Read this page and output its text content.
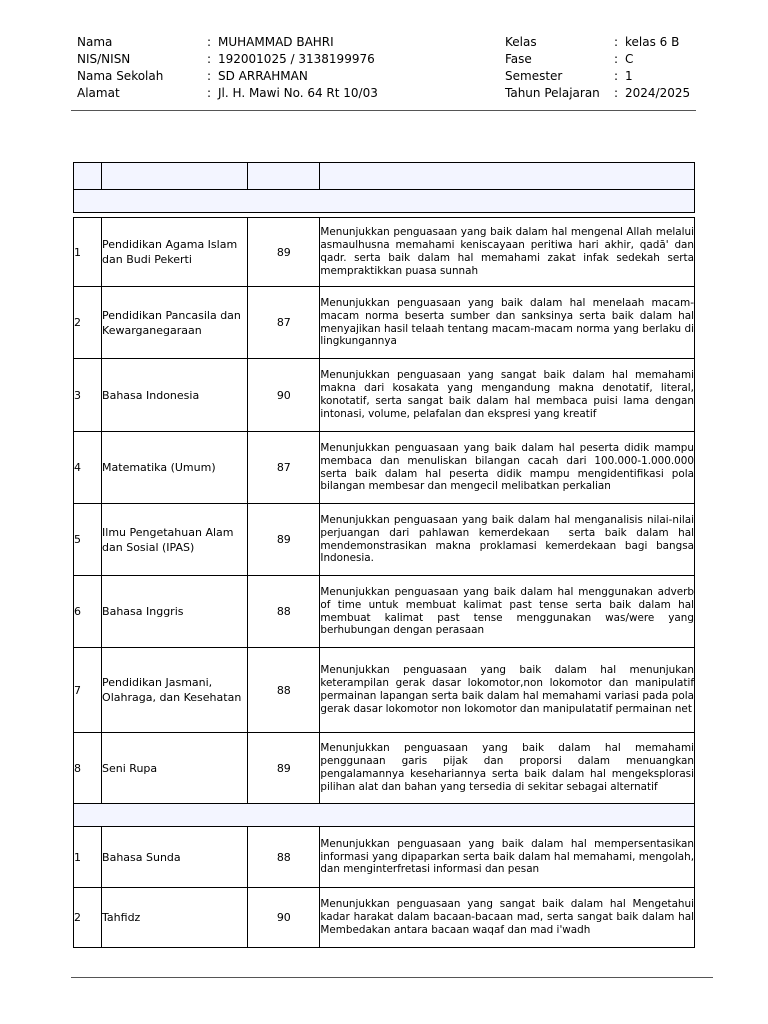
Nama	: MUHAMMAD BAHRI	Kelas	: kelas 6 B
NIS/NISN	: 192001025 / 3138199976	Fase	: C
Nama Sekolah	: SD ARRAHMAN	Semester	: 1
Alamat	: Jl. H. Mawi No. 64 Rt 10/03	Tahun Pelajaran : 2024/2025

1	Pendidikan Agama Islam dan Budi Pekerti	89	Menunjukkan penguasaan yang baik dalam hal mengenal Allah melalui asmaulhusna memahami keniscayaan peritiwa hari akhir, qadā' dan qadr. serta baik dalam hal memahami zakat infak sedekah serta mempraktikkan puasa sunnah
2	Pendidikan Pancasila dan Kewarganegaraan	87	Menunjukkan penguasaan yang baik dalam hal menelaah macam-macam norma beserta sumber dan sanksinya serta baik dalam hal menyajikan hasil telaah tentang macam-macam norma yang berlaku di lingkungannya
3	Bahasa Indonesia	90	Menunjukkan penguasaan yang sangat baik dalam hal memahami makna dari kosakata yang mengandung makna denotatif, literal, konotatif, serta sangat baik dalam hal membaca puisi lama dengan intonasi, volume, pelafalan dan ekspresi yang kreatif
4	Matematika (Umum)	87	Menunjukkan penguasaan yang baik dalam hal peserta didik mampu membaca dan menuliskan bilangan cacah dari 100.000-1.000.000 serta baik dalam hal peserta didik mampu mengidentifikasi pola bilangan membesar dan mengecil melibatkan perkalian
5	Ilmu Pengetahuan Alam dan Sosial (IPAS)	89	Menunjukkan penguasaan yang baik dalam hal menganalisis nilai-nilai perjuangan dari pahlawan kemerdekaan  serta baik dalam hal mendemonstrasikan makna proklamasi kemerdekaan bagi bangsa Indonesia.
6	Bahasa Inggris	88	Menunjukkan penguasaan yang baik dalam hal menggunakan adverb of time untuk membuat kalimat past tense serta baik dalam hal membuat kalimat past tense menggunakan was/were yang berhubungan dengan perasaan
7	Pendidikan Jasmani, Olahraga, dan Kesehatan	88	Menunjukkan penguasaan yang baik dalam hal menunjukan keterampilan gerak dasar lokomotor,non lokomotor dan manipulatif permainan lapangan serta baik dalam hal memahami variasi pada pola gerak dasar lokomotor non lokomotor dan manipulatatif permainan net
8	Seni Rupa	89	Menunjukkan penguasaan yang baik dalam hal memahami penggunaan garis pijak dan proporsi dalam menuangkan pengalamannya kesehariannya serta baik dalam hal mengeksplorasi pilihan alat dan bahan yang tersedia di sekitar sebagai alternatif

1	Bahasa Sunda	88	Menunjukkan penguasaan yang baik dalam hal mempersentasikan informasi yang dipaparkan serta baik dalam hal memahami, mengolah, dan menginterfretasi informasi dan pesan
2	Tahfidz	90	Menunjukkan penguasaan yang sangat baik dalam hal Mengetahui kadar harakat dalam bacaan-bacaan mad, serta sangat baik dalam hal Membedakan antara bacaan waqaf dan mad i'wadh
